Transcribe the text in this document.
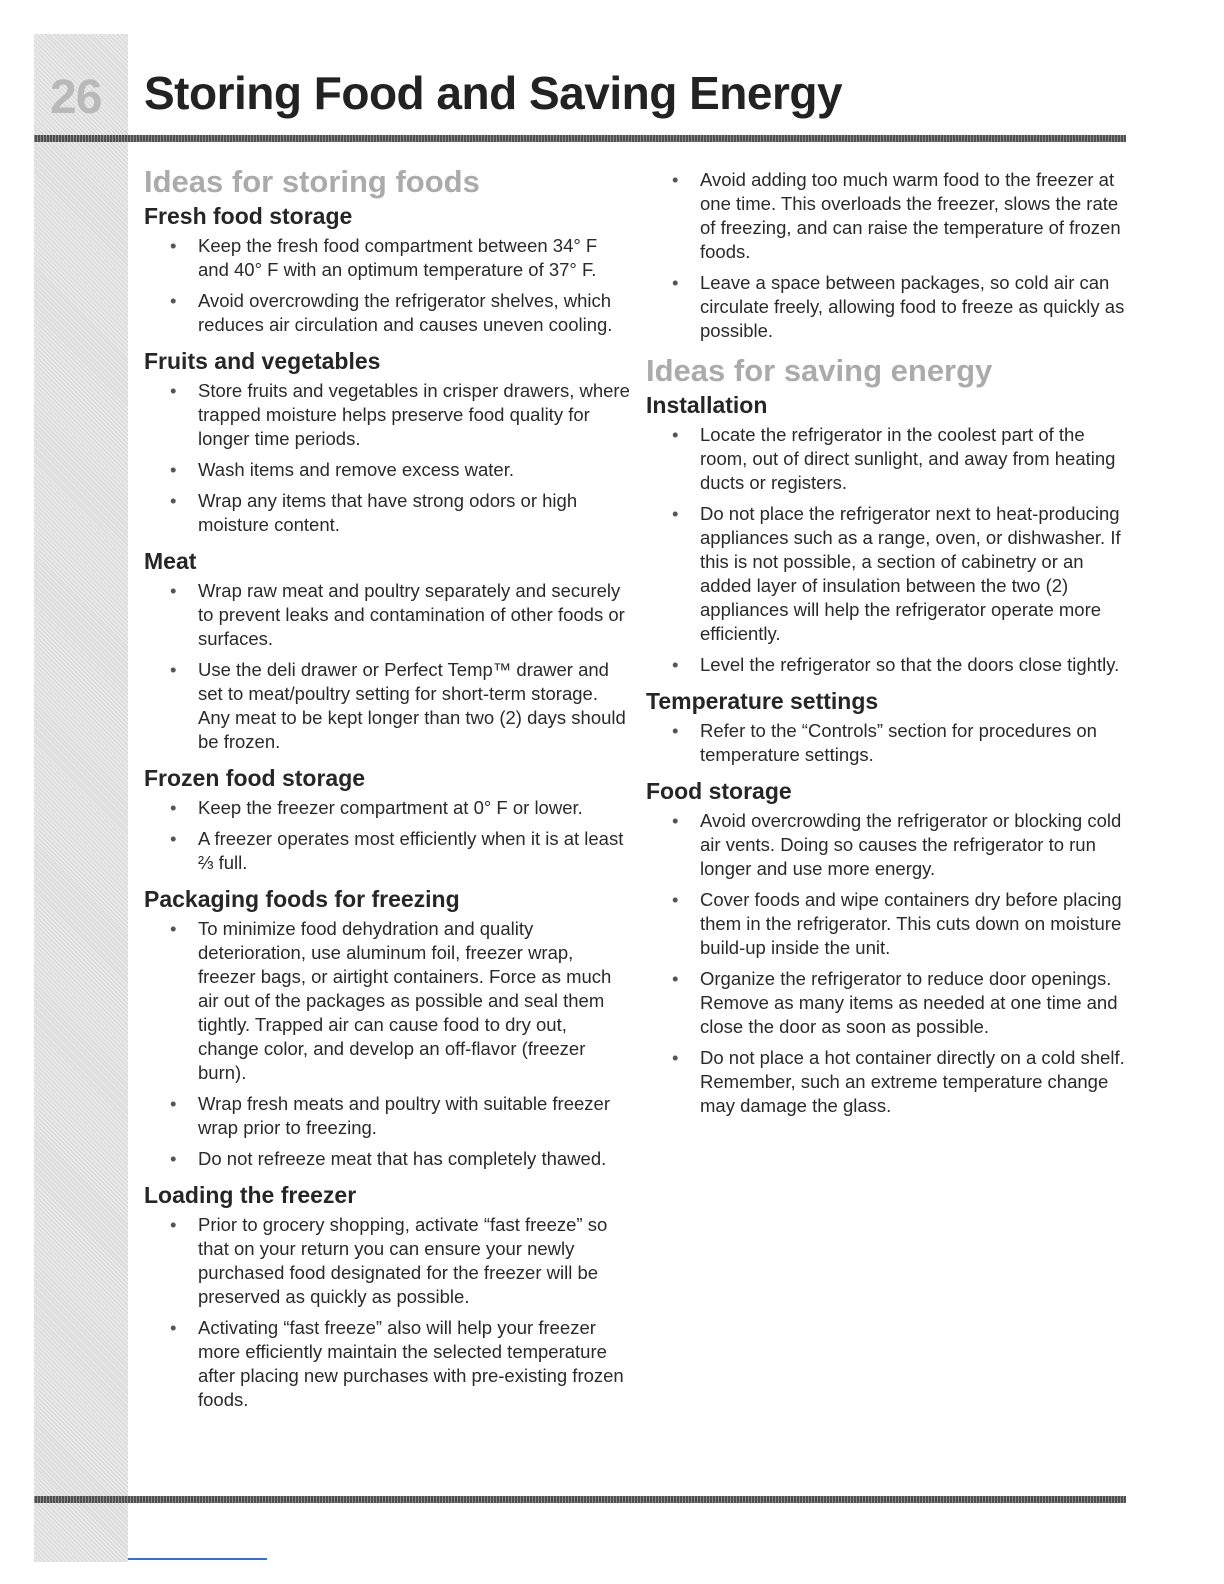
26 Storing Food and Saving Energy
Ideas for storing foods
Fresh food storage
• Keep the fresh food compartment between 34° F and 40° F with an optimum temperature of 37° F.
• Avoid overcrowding the refrigerator shelves, which reduces air circulation and causes uneven cooling.
Fruits and vegetables
• Store fruits and vegetables in crisper drawers, where trapped moisture helps preserve food quality for longer time periods.
• Wash items and remove excess water.
• Wrap any items that have strong odors or high moisture content.
Meat
• Wrap raw meat and poultry separately and securely to prevent leaks and contamination of other foods or surfaces.
• Use the deli drawer or Perfect Temp™ drawer and set to meat/poultry setting for short-term storage. Any meat to be kept longer than two (2) days should be frozen.
Frozen food storage
• Keep the freezer compartment at 0° F or lower.
• A freezer operates most efficiently when it is at least ⅔ full.
Packaging foods for freezing
• To minimize food dehydration and quality deterioration, use aluminum foil, freezer wrap, freezer bags, or airtight containers. Force as much air out of the packages as possible and seal them tightly. Trapped air can cause food to dry out, change color, and develop an off-flavor (freezer burn).
• Wrap fresh meats and poultry with suitable freezer wrap prior to freezing.
• Do not refreeze meat that has completely thawed.
Loading the freezer
• Prior to grocery shopping, activate “fast freeze” so that on your return you can ensure your newly purchased food designated for the freezer will be preserved as quickly as possible.
• Activating “fast freeze” also will help your freezer more efficiently maintain the selected temperature after placing new purchases with pre-existing frozen foods.
• Avoid adding too much warm food to the freezer at one time. This overloads the freezer, slows the rate of freezing, and can raise the temperature of frozen foods.
• Leave a space between packages, so cold air can circulate freely, allowing food to freeze as quickly as possible.
Ideas for saving energy
Installation
• Locate the refrigerator in the coolest part of the room, out of direct sunlight, and away from heating ducts or registers.
• Do not place the refrigerator next to heat-producing appliances such as a range, oven, or dishwasher. If this is not possible, a section of cabinetry or an added layer of insulation between the two (2) appliances will help the refrigerator operate more efficiently.
• Level the refrigerator so that the doors close tightly.
Temperature settings
• Refer to the “Controls” section for procedures on temperature settings.
Food storage
• Avoid overcrowding the refrigerator or blocking cold air vents. Doing so causes the refrigerator to run longer and use more energy.
• Cover foods and wipe containers dry before placing them in the refrigerator. This cuts down on moisture build-up inside the unit.
• Organize the refrigerator to reduce door openings. Remove as many items as needed at one time and close the door as soon as possible.
• Do not place a hot container directly on a cold shelf. Remember, such an extreme temperature change may damage the glass.
